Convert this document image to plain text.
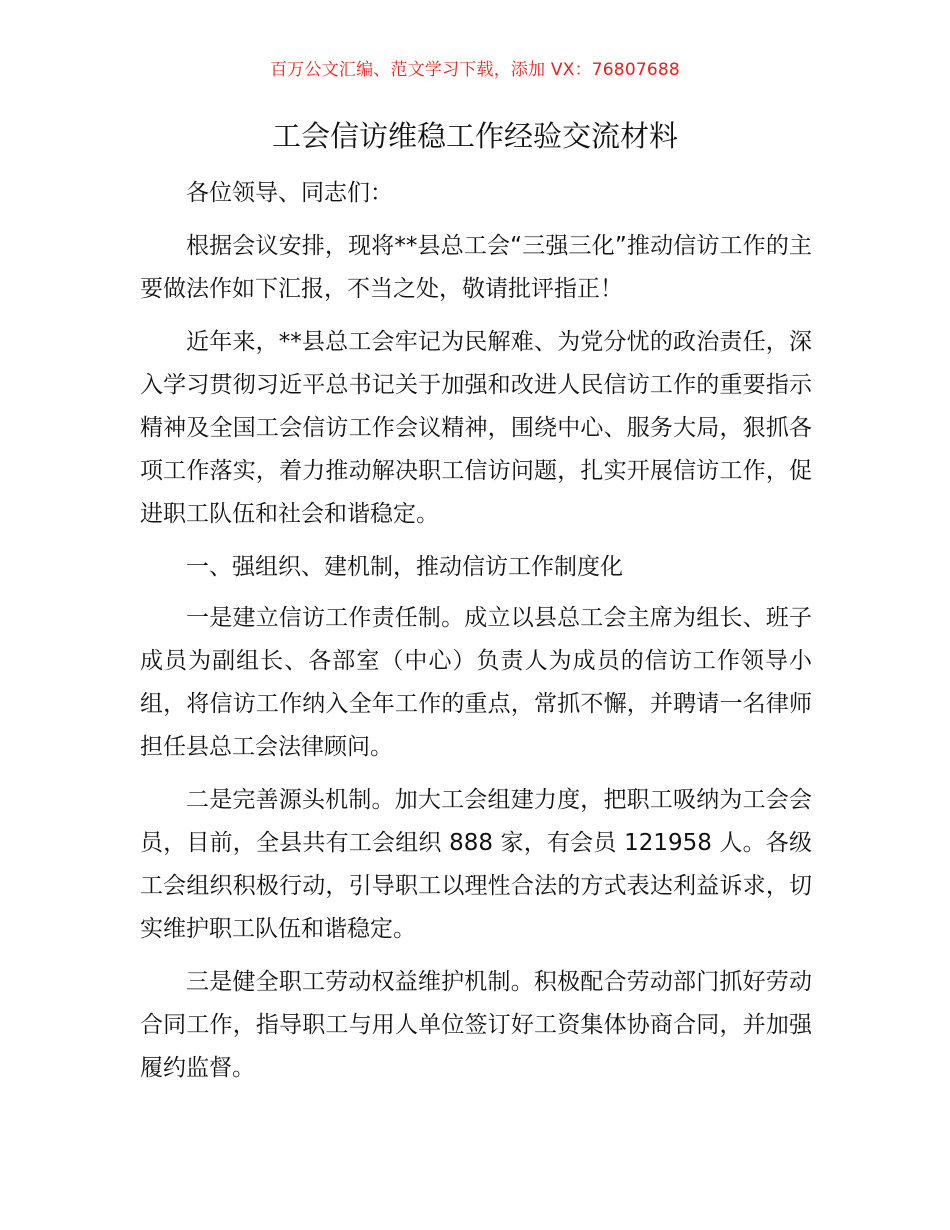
百万公文汇编、范文学习下载，添加 VX：76807688
工会信访维稳工作经验交流材料

各位领导、同志们：

根据会议安排，现将**县总工会“三强三化”推动信访工作的主要做法作如下汇报，不当之处，敬请批评指正！

近年来，**县总工会牢记为民解难、为党分忧的政治责任，深入学习贯彻习近平总书记关于加强和改进人民信访工作的重要指示精神及全国工会信访工作会议精神，围绕中心、服务大局，狠抓各项工作落实，着力推动解决职工信访问题，扎实开展信访工作，促进职工队伍和社会和谐稳定。

一、强组织、建机制，推动信访工作制度化

一是建立信访工作责任制。成立以县总工会主席为组长、班子成员为副组长、各部室（中心）负责人为成员的信访工作领导小组，将信访工作纳入全年工作的重点，常抓不懈，并聘请一名律师担任县总工会法律顾问。

二是完善源头机制。加大工会组建力度，把职工吸纳为工会会员，目前，全县共有工会组织 888 家，有会员 121958 人。各级工会组织积极行动，引导职工以理性合法的方式表达利益诉求，切实维护职工队伍和谐稳定。

三是健全职工劳动权益维护机制。积极配合劳动部门抓好劳动合同工作，指导职工与用人单位签订好工资集体协商合同，并加强履约监督。
